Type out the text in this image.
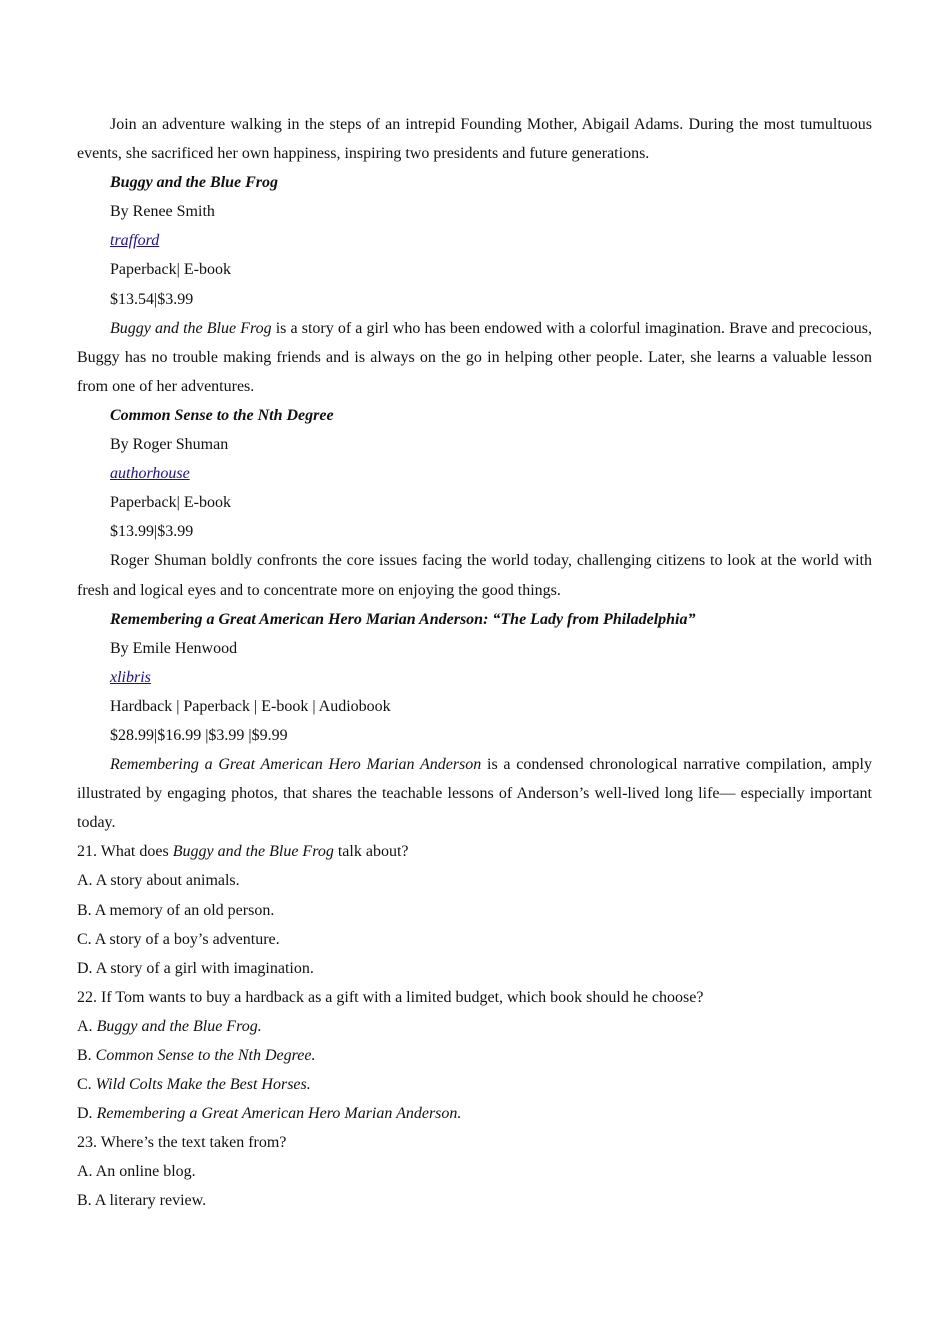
Join an adventure walking in the steps of an intrepid Founding Mother, Abigail Adams. During the most tumultuous events, she sacrificed her own happiness, inspiring two presidents and future generations.

Buggy and the Blue Frog

By Renee Smith

trafford

Paperback| E-book

$13.54|$3.99

Buggy and the Blue Frog is a story of a girl who has been endowed with a colorful imagination. Brave and precocious, Buggy has no trouble making friends and is always on the go in helping other people. Later, she learns a valuable lesson from one of her adventures.

Common Sense to the Nth Degree

By Roger Shuman

authorhouse

Paperback| E-book

$13.99|$3.99

Roger Shuman boldly confronts the core issues facing the world today, challenging citizens to look at the world with fresh and logical eyes and to concentrate more on enjoying the good things.

Remembering a Great American Hero Marian Anderson: “The Lady from Philadelphia”

By Emile Henwood

xlibris

Hardback | Paperback | E-book | Audiobook

$28.99|$16.99 |$3.99 |$9.99

Remembering a Great American Hero Marian Anderson is a condensed chronological narrative compilation, amply illustrated by engaging photos, that shares the teachable lessons of Anderson’s well-lived long life— especially important today.

21. What does Buggy and the Blue Frog talk about?

A. A story about animals.

B. A memory of an old person.

C. A story of a boy’s adventure.

D. A story of a girl with imagination.

22. If Tom wants to buy a hardback as a gift with a limited budget, which book should he choose?

A. Buggy and the Blue Frog.

B. Common Sense to the Nth Degree.

C. Wild Colts Make the Best Horses.

D. Remembering a Great American Hero Marian Anderson.

23. Where’s the text taken from?

A. An online blog.

B. A literary review.
